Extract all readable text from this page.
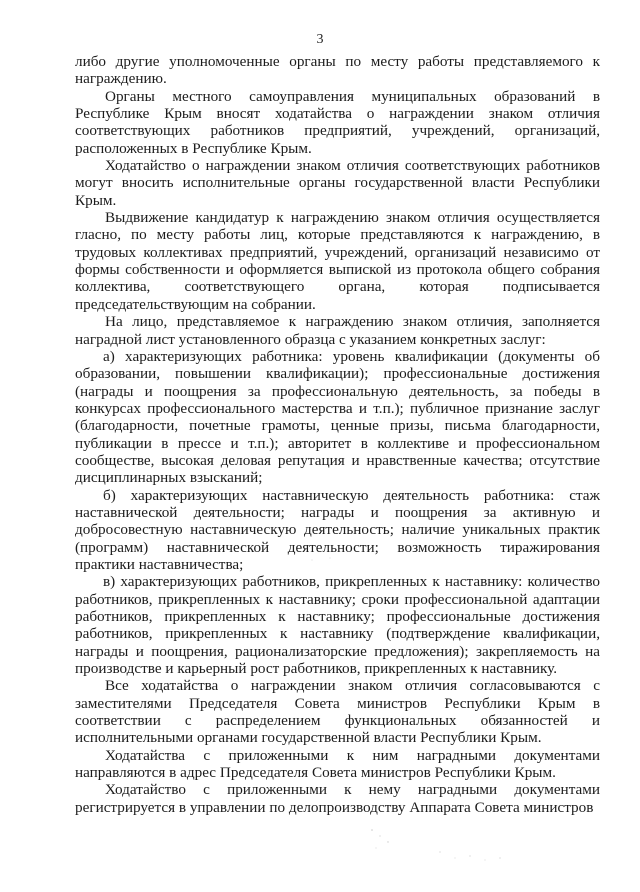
3

либо другие уполномоченные органы по месту работы представляемого к награждению.

Органы местного самоуправления муниципальных образований в Республике Крым вносят ходатайства о награждении знаком отличия соответствующих работников предприятий, учреждений, организаций, расположенных в Республике Крым.

Ходатайство о награждении знаком отличия соответствующих работников могут вносить исполнительные органы государственной власти Республики Крым.

Выдвижение кандидатур к награждению знаком отличия осуществляется гласно, по месту работы лиц, которые представляются к награждению, в трудовых коллективах предприятий, учреждений, организаций независимо от формы собственности и оформляется выпиской из протокола общего собрания коллектива, соответствующего органа, которая подписывается председательствующим на собрании.

На лицо, представляемое к награждению знаком отличия, заполняется наградной лист установленного образца с указанием конкретных заслуг:

а) характеризующих работника: уровень квалификации (документы об образовании, повышении квалификации); профессиональные достижения (награды и поощрения за профессиональную деятельность, за победы в конкурсах профессионального мастерства и т.п.); публичное признание заслуг (благодарности, почетные грамоты, ценные призы, письма благодарности, публикации в прессе и т.п.); авторитет в коллективе и профессиональном сообществе, высокая деловая репутация и нравственные качества; отсутствие дисциплинарных взысканий;

б) характеризующих наставническую деятельность работника: стаж наставнической деятельности; награды и поощрения за активную и добросовестную наставническую деятельность; наличие уникальных практик (программ) наставнической деятельности; возможность тиражирования практики наставничества;

в) характеризующих работников, прикрепленных к наставнику: количество работников, прикрепленных к наставнику; сроки профессиональной адаптации работников, прикрепленных к наставнику; профессиональные достижения работников, прикрепленных к наставнику (подтверждение квалификации, награды и поощрения, рационализаторские предложения); закрепляемость на производстве и карьерный рост работников, прикрепленных к наставнику.

Все ходатайства о награждении знаком отличия согласовываются с заместителями Председателя Совета министров Республики Крым в соответствии с распределением функциональных обязанностей и исполнительными органами государственной власти Республики Крым.

Ходатайства с приложенными к ним наградными документами направляются в адрес Председателя Совета министров Республики Крым.

Ходатайство с приложенными к нему наградными документами регистрируется в управлении по делопроизводству Аппарата Совета министров
